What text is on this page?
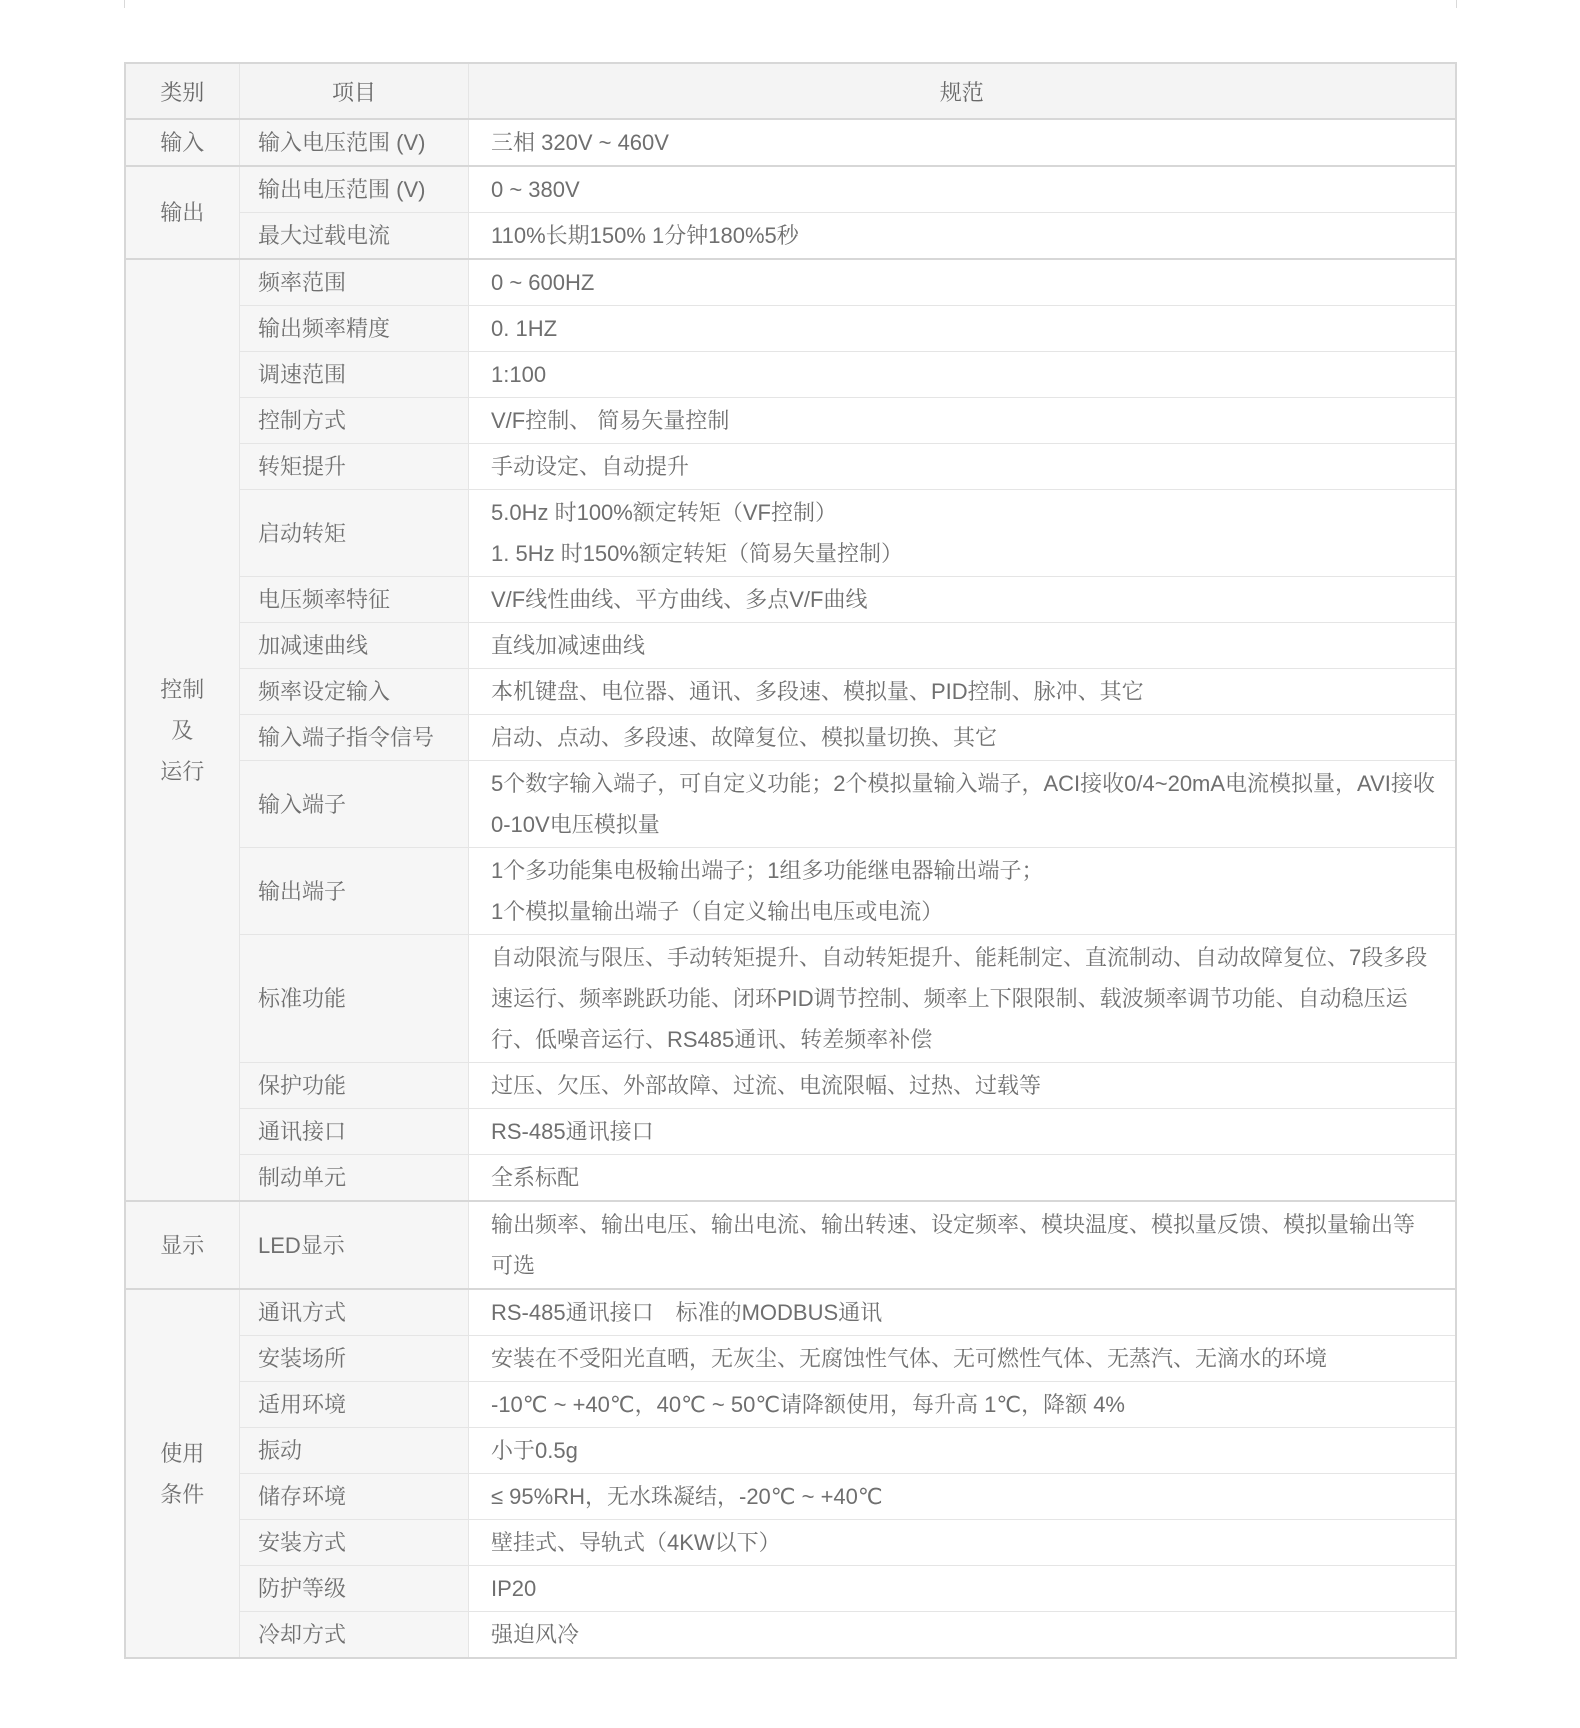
类别	项目	规范

输入	输入电压范围 (V)	三相 320V ~ 460V

输出	输出电压范围 (V)	0 ~ 380V

	最大过载电流	110%长期150% 1分钟180%5秒

控制
及
运行	频率范围	0 ~ 600HZ

	输出频率精度	0. 1HZ

	调速范围	1:100

	控制方式	V/F控制、 简易矢量控制

	转矩提升	手动设定、自动提升

	启动转矩	5.0Hz 时100%额定转矩（VF控制）
1. 5Hz 时150%额定转矩（简易矢量控制）

	电压频率特征	V/F线性曲线、平方曲线、多点V/F曲线

	加减速曲线	直线加减速曲线

	频率设定输入	本机键盘、电位器、通讯、多段速、模拟量、PID控制、脉冲、其它

	输入端子指令信号	启动、点动、多段速、故障复位、模拟量切换、其它

	输入端子	5个数字输入端子，可自定义功能；2个模拟量输入端子，ACI接收0/4~20mA电流模拟量，AVI接收0-10V电压模拟量

	输出端子	1个多功能集电极输出端子；1组多功能继电器输出端子；
1个模拟量输出端子（自定义输出电压或电流）

	标准功能	自动限流与限压、手动转矩提升、自动转矩提升、能耗制定、直流制动、自动故障复位、7段多段速运行、频率跳跃功能、闭环PID调节控制、频率上下限限制、载波频率调节功能、自动稳压运行、低噪音运行、RS485通讯、转差频率补偿

	保护功能	过压、欠压、外部故障、过流、电流限幅、过热、过载等

	通讯接口	RS-485通讯接口

	制动单元	全系标配

显示	LED显示	输出频率、输出电压、输出电流、输出转速、设定频率、模块温度、模拟量反馈、模拟量输出等可选

使用
条件	通讯方式	RS-485通讯接口　标准的MODBUS通讯

	安装场所	安装在不受阳光直晒，无灰尘、无腐蚀性气体、无可燃性气体、无蒸汽、无滴水的环境

	适用环境	-10℃ ~ +40℃，40℃ ~ 50℃请降额使用，每升高 1℃，降额 4%

	振动	小于0.5g

	储存环境	≤ 95%RH，无水珠凝结，-20℃ ~ +40℃

	安装方式	壁挂式、导轨式（4KW以下）

	防护等级	IP20

	冷却方式	强迫风冷
